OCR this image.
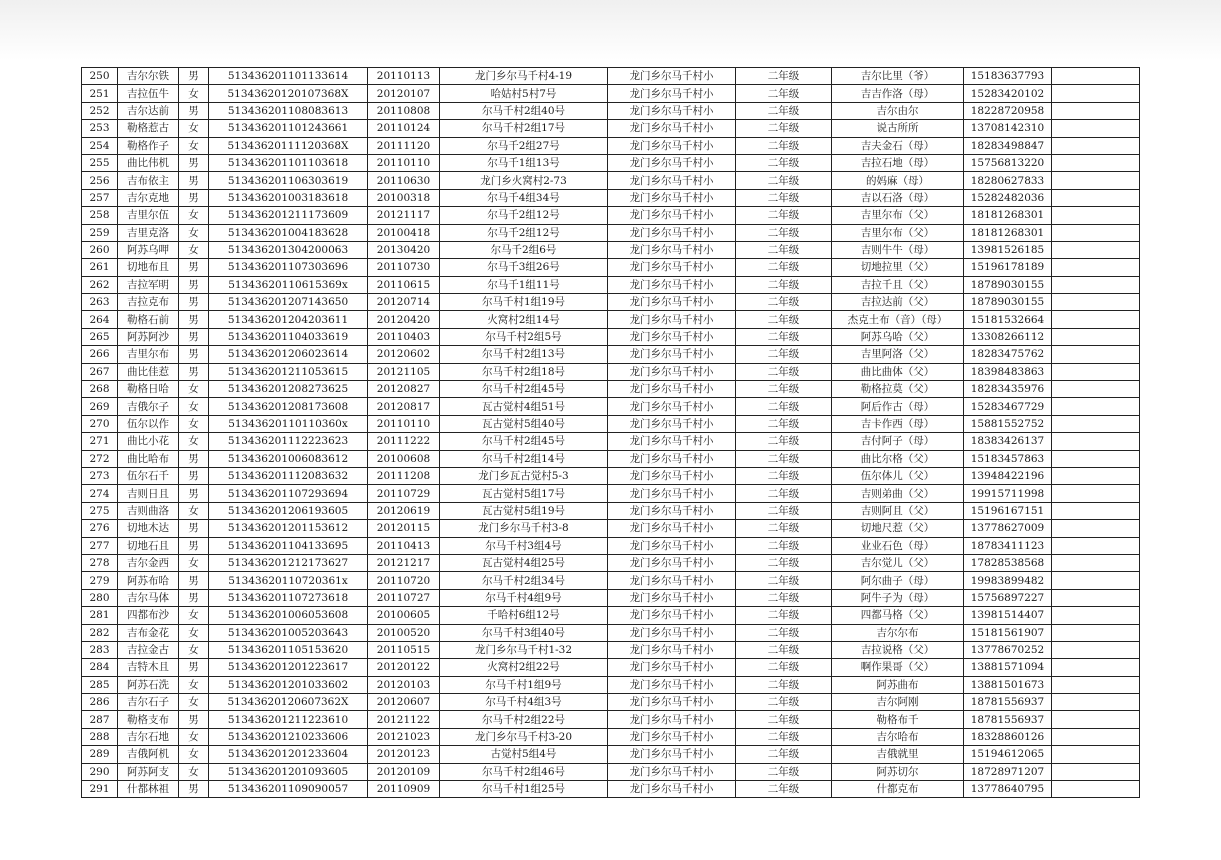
250	吉尔尔铁	男	513436201101133614	20110113	龙门乡尔马千村4-19	龙门乡尔马千村小	二年级	吉尔比里（爷）	15183637793	
251	吉拉伍牛	女	51343620120107368X	20120107	哈姑村5村7号	龙门乡尔马千村小	二年级	吉吉作洛（母）	15283420102	
252	吉尔达前	男	513436201108083613	20110808	尔马千村2组40号	龙门乡尔马千村小	二年级	吉尔由尔	18228720958	
253	勒格惹古	女	513436201101243661	20110124	尔马千村2组17号	龙门乡尔马千村小	二年级	说古所所	13708142310	
254	勒格作子	女	51343620111120368X	20111120	尔马千2组27号	龙门乡尔马千村小	二年级	吉夫金石（母）	18283498847	
255	曲比伟机	男	513436201101103618	20110110	尔马千1组13号	龙门乡尔马千村小	二年级	吉拉石地（母）	15756813220	
256	吉布依主	男	513436201106303619	20110630	龙门乡火窝村2-73	龙门乡尔马千村小	二年级	的妈麻（母）	18280627833	
257	吉尔克地	男	513436201003183618	20100318	尔马千4组34号	龙门乡尔马千村小	二年级	吉以石洛（母）	15282482036	
258	吉里尔伍	女	513436201211173609	20121117	尔马千2组12号	龙门乡尔马千村小	二年级	吉里尔布（父）	18181268301	
259	吉里克洛	女	513436201004183628	20100418	尔马千2组12号	龙门乡尔马千村小	二年级	吉里尔布（父）	18181268301	
260	阿苏乌呷	女	513436201304200063	20130420	尔马千2组6号	龙门乡尔马千村小	二年级	吉则牛牛（母）	13981526185	
261	切地布且	男	513436201107303696	20110730	尔马千3组26号	龙门乡尔马千村小	二年级	切地拉里（父）	15196178189	
262	吉拉军明	男	51343620110615369x	20110615	尔马千1组11号	龙门乡尔马千村小	二年级	吉拉千且（父）	18789030155	
263	吉拉克布	男	513436201207143650	20120714	尔马千村1组19号	龙门乡尔马千村小	二年级	吉拉达前（父）	18789030155	
264	勒格石前	男	513436201204203611	20120420	火窝村2组14号	龙门乡尔马千村小	二年级	杰克土布（音）（母）	15181532664	
265	阿苏阿沙	男	513436201104033619	20110403	尔马千村2组5号	龙门乡尔马千村小	二年级	阿苏乌哈（父）	13308266112	
266	吉里尔布	男	513436201206023614	20120602	尔马千村2组13号	龙门乡尔马千村小	二年级	吉里阿洛（父）	18283475762	
267	曲比佳惹	男	513436201211053615	20121105	尔马千村2组18号	龙门乡尔马千村小	二年级	曲比曲体（父）	18398483863	
268	勒格日哈	女	513436201208273625	20120827	尔马千村2组45号	龙门乡尔马千村小	二年级	勒格拉莫（父）	18283435976	
269	吉俄尔子	女	513436201208173608	20120817	瓦古觉村4组51号	龙门乡尔马千村小	二年级	阿后作古（母）	15283467729	
270	伍尔以作	女	51343620110110360x	20110110	瓦古觉村5组40号	龙门乡尔马千村小	二年级	吉卡作西（母）	15881552752	
271	曲比小花	女	513436201112223623	20111222	尔马千村2组45号	龙门乡尔马千村小	二年级	吉付阿子（母）	18383426137	
272	曲比哈布	男	513436201006083612	20100608	尔马千村2组14号	龙门乡尔马千村小	二年级	曲比尔格（父）	15183457863	
273	伍尔石千	男	513436201112083632	20111208	龙门乡瓦古觉村5-3	龙门乡尔马千村小	二年级	伍尔体儿（父）	13948422196	
274	吉则日且	男	513436201107293694	20110729	瓦古觉村5组17号	龙门乡尔马千村小	二年级	吉则弟曲（父）	19915711998	
275	吉则曲洛	女	513436201206193605	20120619	瓦古觉村5组19号	龙门乡尔马千村小	二年级	吉则阿且（父）	15196167151	
276	切地木达	男	513436201201153612	20120115	龙门乡尔马千村3-8	龙门乡尔马千村小	二年级	切地尺惹（父）	13778627009	
277	切地石且	男	513436201104133695	20110413	尔马千村3组4号	龙门乡尔马千村小	二年级	业业石色（母）	18783411123	
278	吉尔金西	女	513436201212173627	20121217	瓦古觉村4组25号	龙门乡尔马千村小	二年级	吉尔觉儿（父）	17828538568	
279	阿苏布哈	男	51343620110720361x	20110720	尔马千村2组34号	龙门乡尔马千村小	二年级	阿尔曲子（母）	19983899482	
280	吉尔马体	男	513436201107273618	20110727	尔马千村4组9号	龙门乡尔马千村小	二年级	阿牛子为（母）	15756897227	
281	四都布沙	女	513436201006053608	20100605	千哈村6组12号	龙门乡尔马千村小	二年级	四都马格（父）	13981514407	
282	吉布金花	女	513436201005203643	20100520	尔马千村3组40号	龙门乡尔马千村小	二年级	吉尔尔布	15181561907	
283	吉拉金古	女	513436201105153620	20110515	龙门乡尔马千村1-32	龙门乡尔马千村小	二年级	吉拉说格（父）	13778670252	
284	吉特木且	男	513436201201223617	20120122	火窝村2组22号	龙门乡尔马千村小	二年级	啊作果哥（父）	13881571094	
285	阿苏石洗	女	513436201201033602	20120103	尔马千村1组9号	龙门乡尔马千村小	二年级	阿苏曲布	13881501673	
286	吉尔石子	女	51343620120607362X	20120607	尔马千村4组3号	龙门乡尔马千村小	二年级	吉尔阿刚	18781556937	
287	勒格支布	男	513436201211223610	20121122	尔马千村2组22号	龙门乡尔马千村小	二年级	勒格布千	18781556937	
288	吉尔石地	女	513436201210233606	20121023	龙门乡尔马千村3-20	龙门乡尔马千村小	二年级	吉尔哈布	18328860126	
289	吉俄阿机	女	513436201201233604	20120123	古觉村5组4号	龙门乡尔马千村小	二年级	吉俄就里	15194612065	
290	阿苏阿支	女	513436201201093605	20120109	尔马千村2组46号	龙门乡尔马千村小	二年级	阿苏切尔	18728971207	
291	什都林祖	男	513436201109090057	20110909	尔马千村1组25号	龙门乡尔马千村小	二年级	什都克布	13778640795	
